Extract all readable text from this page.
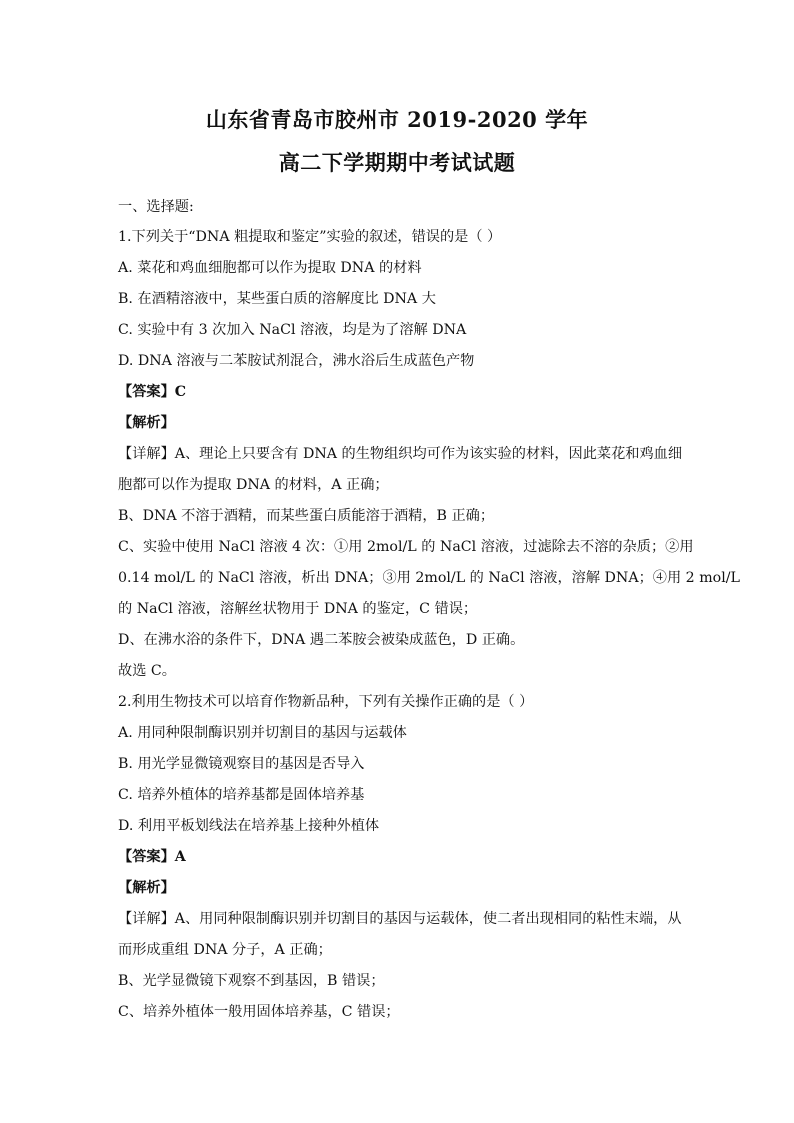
山东省青岛市胶州市 2019-2020 学年
高二下学期期中考试试题
一、选择题:
1.下列关于“DNA 粗提取和鉴定”实验的叙述，错误的是（ ）
A. 菜花和鸡血细胞都可以作为提取 DNA 的材料
B. 在酒精溶液中，某些蛋白质的溶解度比 DNA 大
C. 实验中有 3 次加入 NaCl 溶液，均是为了溶解 DNA
D. DNA 溶液与二苯胺试剂混合，沸水浴后生成蓝色产物
【答案】C
【解析】
【详解】A、理论上只要含有 DNA 的生物组织均可作为该实验的材料，因此菜花和鸡血细
胞都可以作为提取 DNA 的材料，A 正确；
B、DNA 不溶于酒精，而某些蛋白质能溶于酒精，B 正确；
C、实验中使用 NaCl 溶液 4 次：①用 2mol/L 的 NaCl 溶液，过滤除去不溶的杂质；②用
0.14 mol/L 的 NaCl 溶液，析出 DNA；③用 2mol/L 的 NaCl 溶液，溶解 DNA；④用 2 mol/L
的 NaCl 溶液，溶解丝状物用于 DNA 的鉴定，C 错误；
D、在沸水浴的条件下，DNA 遇二苯胺会被染成蓝色，D 正确。
故选 C。
2.利用生物技术可以培育作物新品种，下列有关操作正确的是（ ）
A. 用同种限制酶识别并切割目的基因与运载体
B. 用光学显微镜观察目的基因是否导入
C. 培养外植体的培养基都是固体培养基
D. 利用平板划线法在培养基上接种外植体
【答案】A
【解析】
【详解】A、用同种限制酶识别并切割目的基因与运载体，使二者出现相同的粘性末端，从
而形成重组 DNA 分子，A 正确；
B、光学显微镜下观察不到基因，B 错误；
C、培养外植体一般用固体培养基，C 错误；
